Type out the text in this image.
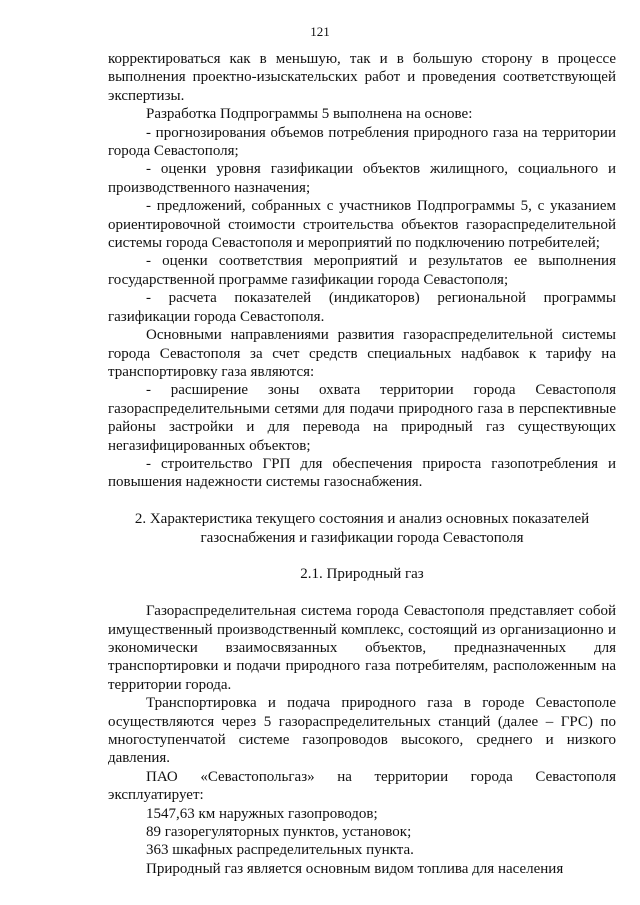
121

корректироваться как в меньшую, так и в большую сторону в процессе выполнения проектно-изыскательских работ и проведения соответствующей экспертизы.

Разработка Подпрограммы 5 выполнена на основе:

- прогнозирования объемов потребления природного газа на территории города Севастополя;

- оценки уровня газификации объектов жилищного, социального и производственного назначения;

- предложений, собранных с участников Подпрограммы 5, с указанием ориентировочной стоимости строительства объектов газораспределительной системы города Севастополя и мероприятий по подключению потребителей;

- оценки соответствия мероприятий и результатов ее выполнения государственной программе газификации города Севастополя;

- расчета показателей (индикаторов) региональной программы газификации города Севастополя.

Основными направлениями развития газораспределительной системы города Севастополя за счет средств специальных надбавок к тарифу на транспортировку газа являются:

- расширение зоны охвата территории города Севастополя газораспределительными сетями для подачи природного газа в перспективные районы застройки и для перевода на природный газ существующих негазифицированных объектов;

- строительство ГРП для обеспечения прироста газопотребления и повышения надежности системы газоснабжения.

2. Характеристика текущего состояния и анализ основных показателей газоснабжения и газификации города Севастополя

2.1. Природный газ

Газораспределительная система города Севастополя представляет собой имущественный производственный комплекс, состоящий из организационно и экономически взаимосвязанных объектов, предназначенных для транспортировки и подачи природного газа потребителям, расположенным на территории города.

Транспортировка и подача природного газа в городе Севастополе осуществляются через 5 газораспределительных станций (далее – ГРС) по многоступенчатой системе газопроводов высокого, среднего и низкого давления.

ПАО «Севастопольгаз» на территории города Севастополя эксплуатирует:

1547,63 км наружных газопроводов;

89 газорегуляторных пунктов, установок;

363 шкафных распределительных пункта.

Природный газ является основным видом топлива для населения
